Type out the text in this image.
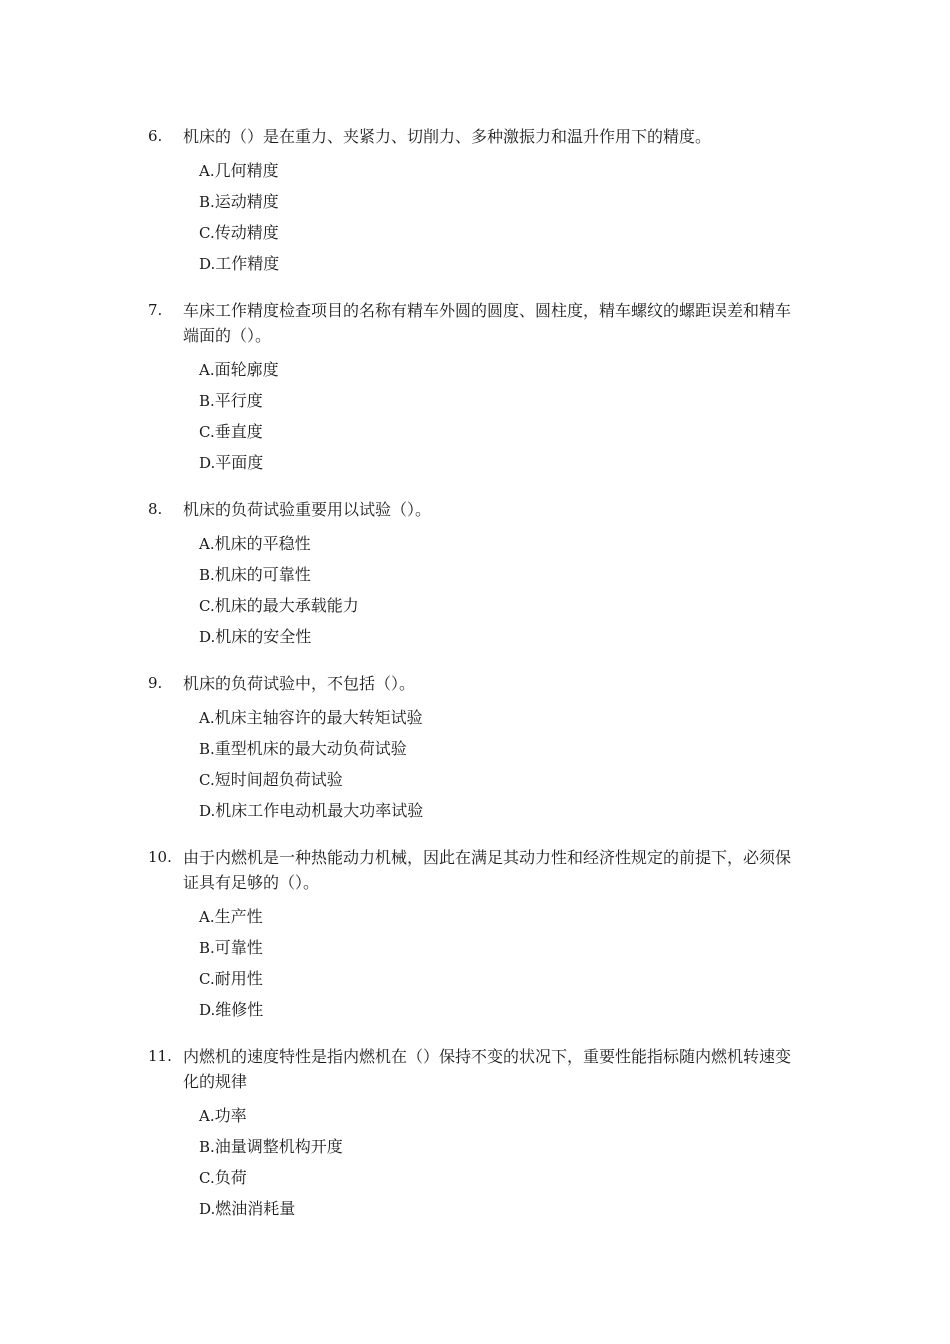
6. 机床的（）是在重力、夹紧力、切削力、多种激振力和温升作用下的精度。
A.几何精度
B.运动精度
C.传动精度
D.工作精度
7. 车床工作精度检查项目的名称有精车外圆的圆度、圆柱度，精车螺纹的螺距误差和精车端面的（）。
A.面轮廓度
B.平行度
C.垂直度
D.平面度
8. 机床的负荷试验重要用以试验（）。
A.机床的平稳性
B.机床的可靠性
C.机床的最大承载能力
D.机床的安全性
9. 机床的负荷试验中，不包括（）。
A.机床主轴容许的最大转矩试验
B.重型机床的最大动负荷试验
C.短时间超负荷试验
D.机床工作电动机最大功率试验
10. 由于内燃机是一种热能动力机械，因此在满足其动力性和经济性规定的前提下，必须保证具有足够的（）。
A.生产性
B.可靠性
C.耐用性
D.维修性
11. 内燃机的速度特性是指内燃机在（）保持不变的状况下，重要性能指标随内燃机转速变化的规律
A.功率
B.油量调整机构开度
C.负荷
D.燃油消耗量
